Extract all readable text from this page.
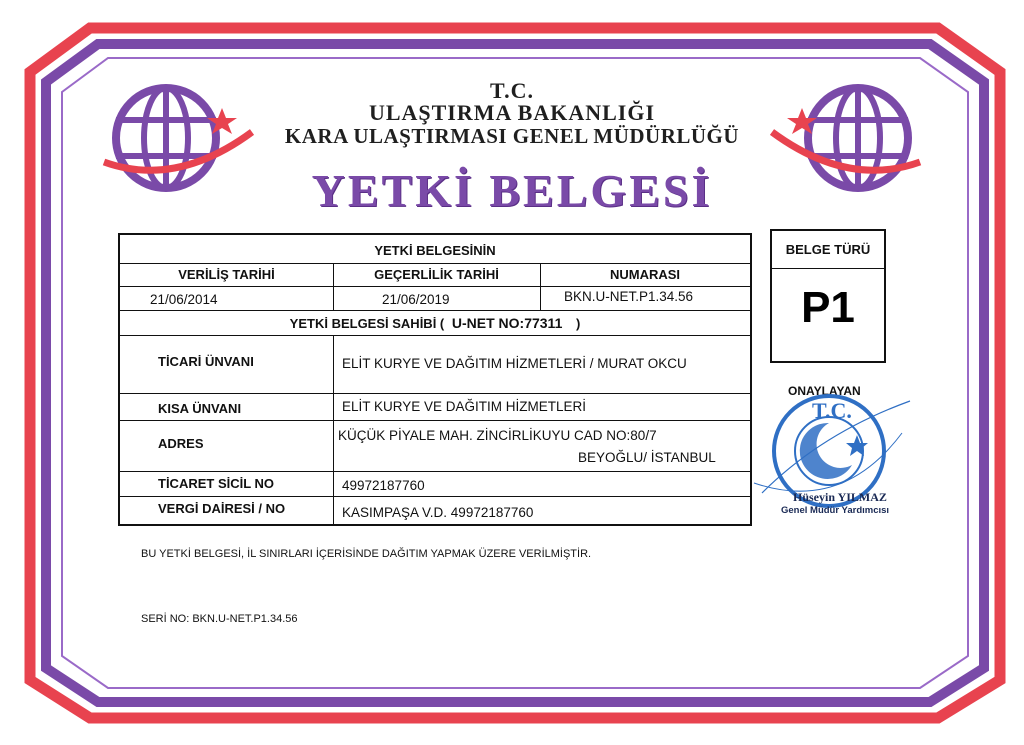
T.C.
ULAŞTIRMA BAKANLIĞI
KARA ULAŞTIRMASI GENEL MÜDÜRLÜĞÜ
YETKİ BELGESİ
YETKİ BELGESİNİN
VERİLİŞ TARİHİ	GEÇERLİLİK TARİHİ	NUMARASI
21/06/2014	21/06/2019	BKN.U-NET.P1.34.56
YETKİ BELGESİ SAHİBİ ( U-NET NO:77311 )
TİCARİ ÜNVANI	ELİT KURYE VE DAĞITIM HİZMETLERİ / MURAT OKCU
KISA ÜNVANI	ELİT KURYE VE DAĞITIM HİZMETLERİ
ADRES
KÜÇÜK PİYALE MAH. ZİNCİRLİKUYU CAD NO:80/7
BEYOĞLU/ İSTANBUL
TİCARET SİCİL NO	49972187760
VERGİ DAİRESİ / NO	KASIMPAŞA V.D. 49972187760
BELGE TÜRÜ
P1
ONAYLAYAN
T.C.
Hüseyin YILMAZ
Genel Müdür Yardımcısı
BU YETKİ BELGESİ, İL SINIRLARI İÇERİSİNDE DAĞITIM YAPMAK ÜZERE VERİLMİŞTİR.
SERİ NO: BKN.U-NET.P1.34.56
